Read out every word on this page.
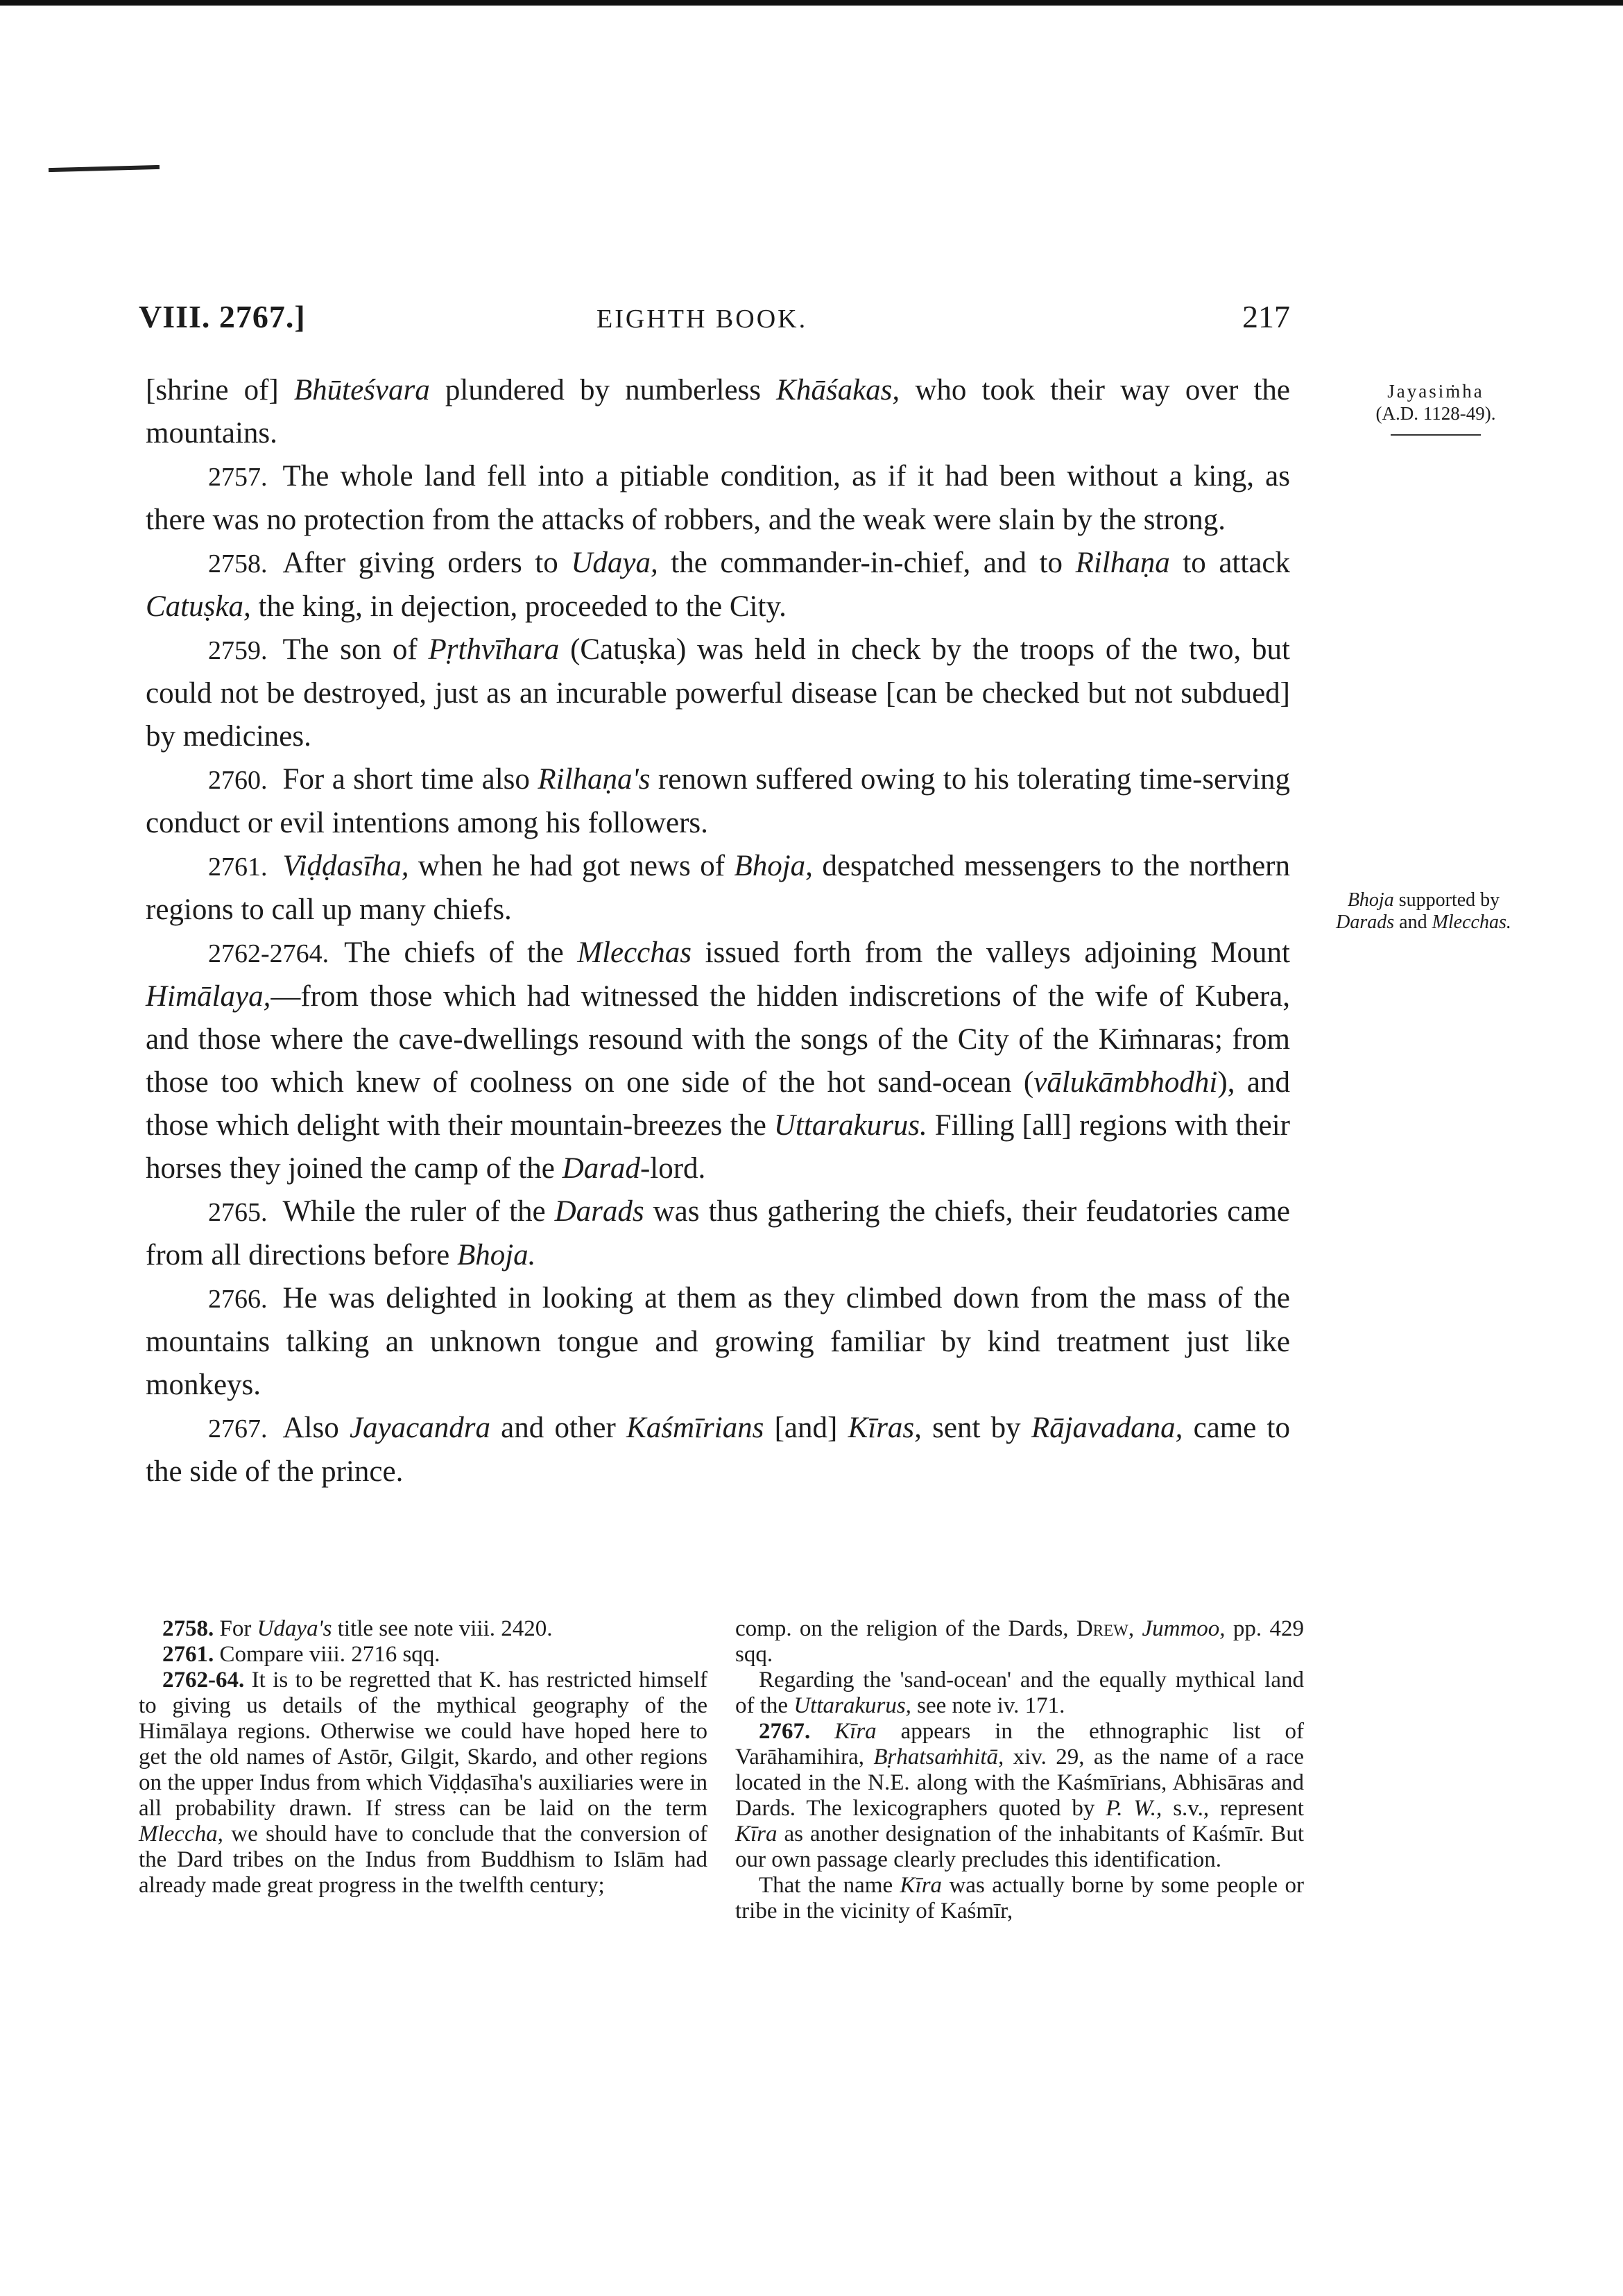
VIII. 2767.]	EIGHTH BOOK.	217
Jayasiṁha
(A.D. 1128-49).
Bhoja supported by
Darads and Mlecchas.

[shrine of] Bhūteśvara plundered by numberless Khāśakas, who took their way over the mountains.

2757. The whole land fell into a pitiable condition, as if it had been without a king, as there was no protection from the attacks of robbers, and the weak were slain by the strong.

2758. After giving orders to Udaya, the commander-in-chief, and to Rilhaṇa to attack Catuṣka, the king, in dejection, proceeded to the City.

2759. The son of Pṛthvīhara (Catuṣka) was held in check by the troops of the two, but could not be destroyed, just as an incurable powerful disease [can be checked but not subdued] by medicines.

2760. For a short time also Rilhaṇa's renown suffered owing to his tolerating time-serving conduct or evil intentions among his followers.

2761. Viḍḍasīha, when he had got news of Bhoja, despatched messengers to the northern regions to call up many chiefs.

2762-2764. The chiefs of the Mlecchas issued forth from the valleys adjoining Mount Himālaya,—from those which had witnessed the hidden indiscretions of the wife of Kubera, and those where the cave-dwellings resound with the songs of the City of the Kiṁnaras; from those too which knew of coolness on one side of the hot sand-ocean (vālukāmbhodhi), and those which delight with their mountain-breezes the Uttarakurus. Filling [all] regions with their horses they joined the camp of the Darad-lord.

2765. While the ruler of the Darads was thus gathering the chiefs, their feudatories came from all directions before Bhoja.

2766. He was delighted in looking at them as they climbed down from the mass of the mountains talking an unknown tongue and growing familiar by kind treatment just like monkeys.

2767. Also Jayacandra and other Kaśmīrians [and] Kīras, sent by Rājavadana, came to the side of the prince.

2758. For Udaya's title see note viii. 2420.

2761. Compare viii. 2716 sqq.

2762-64. It is to be regretted that K. has restricted himself to giving us details of the mythical geography of the Himālaya regions. Otherwise we could have hoped here to get the old names of Astōr, Gilgit, Skardo, and other regions on the upper Indus from which Viḍḍasīha's auxiliaries were in all probability drawn. If stress can be laid on the term Mleccha, we should have to conclude that the conversion of the Dard tribes on the Indus from Buddhism to Islām had already made great progress in the twelfth century;

comp. on the religion of the Dards, Drew, Jummoo, pp. 429 sqq.

Regarding the 'sand-ocean' and the equally mythical land of the Uttarakurus, see note iv. 171.

2767. Kīra appears in the ethnographic list of Varāhamihira, Bṛhatsaṁhitā, xiv. 29, as the name of a race located in the N.E. along with the Kaśmīrians, Abhisāras and Dards. The lexicographers quoted by P. W., s.v., represent Kīra as another designation of the inhabitants of Kaśmīr. But our own passage clearly precludes this identification.

That the name Kīra was actually borne by some people or tribe in the vicinity of Kaśmīr,
